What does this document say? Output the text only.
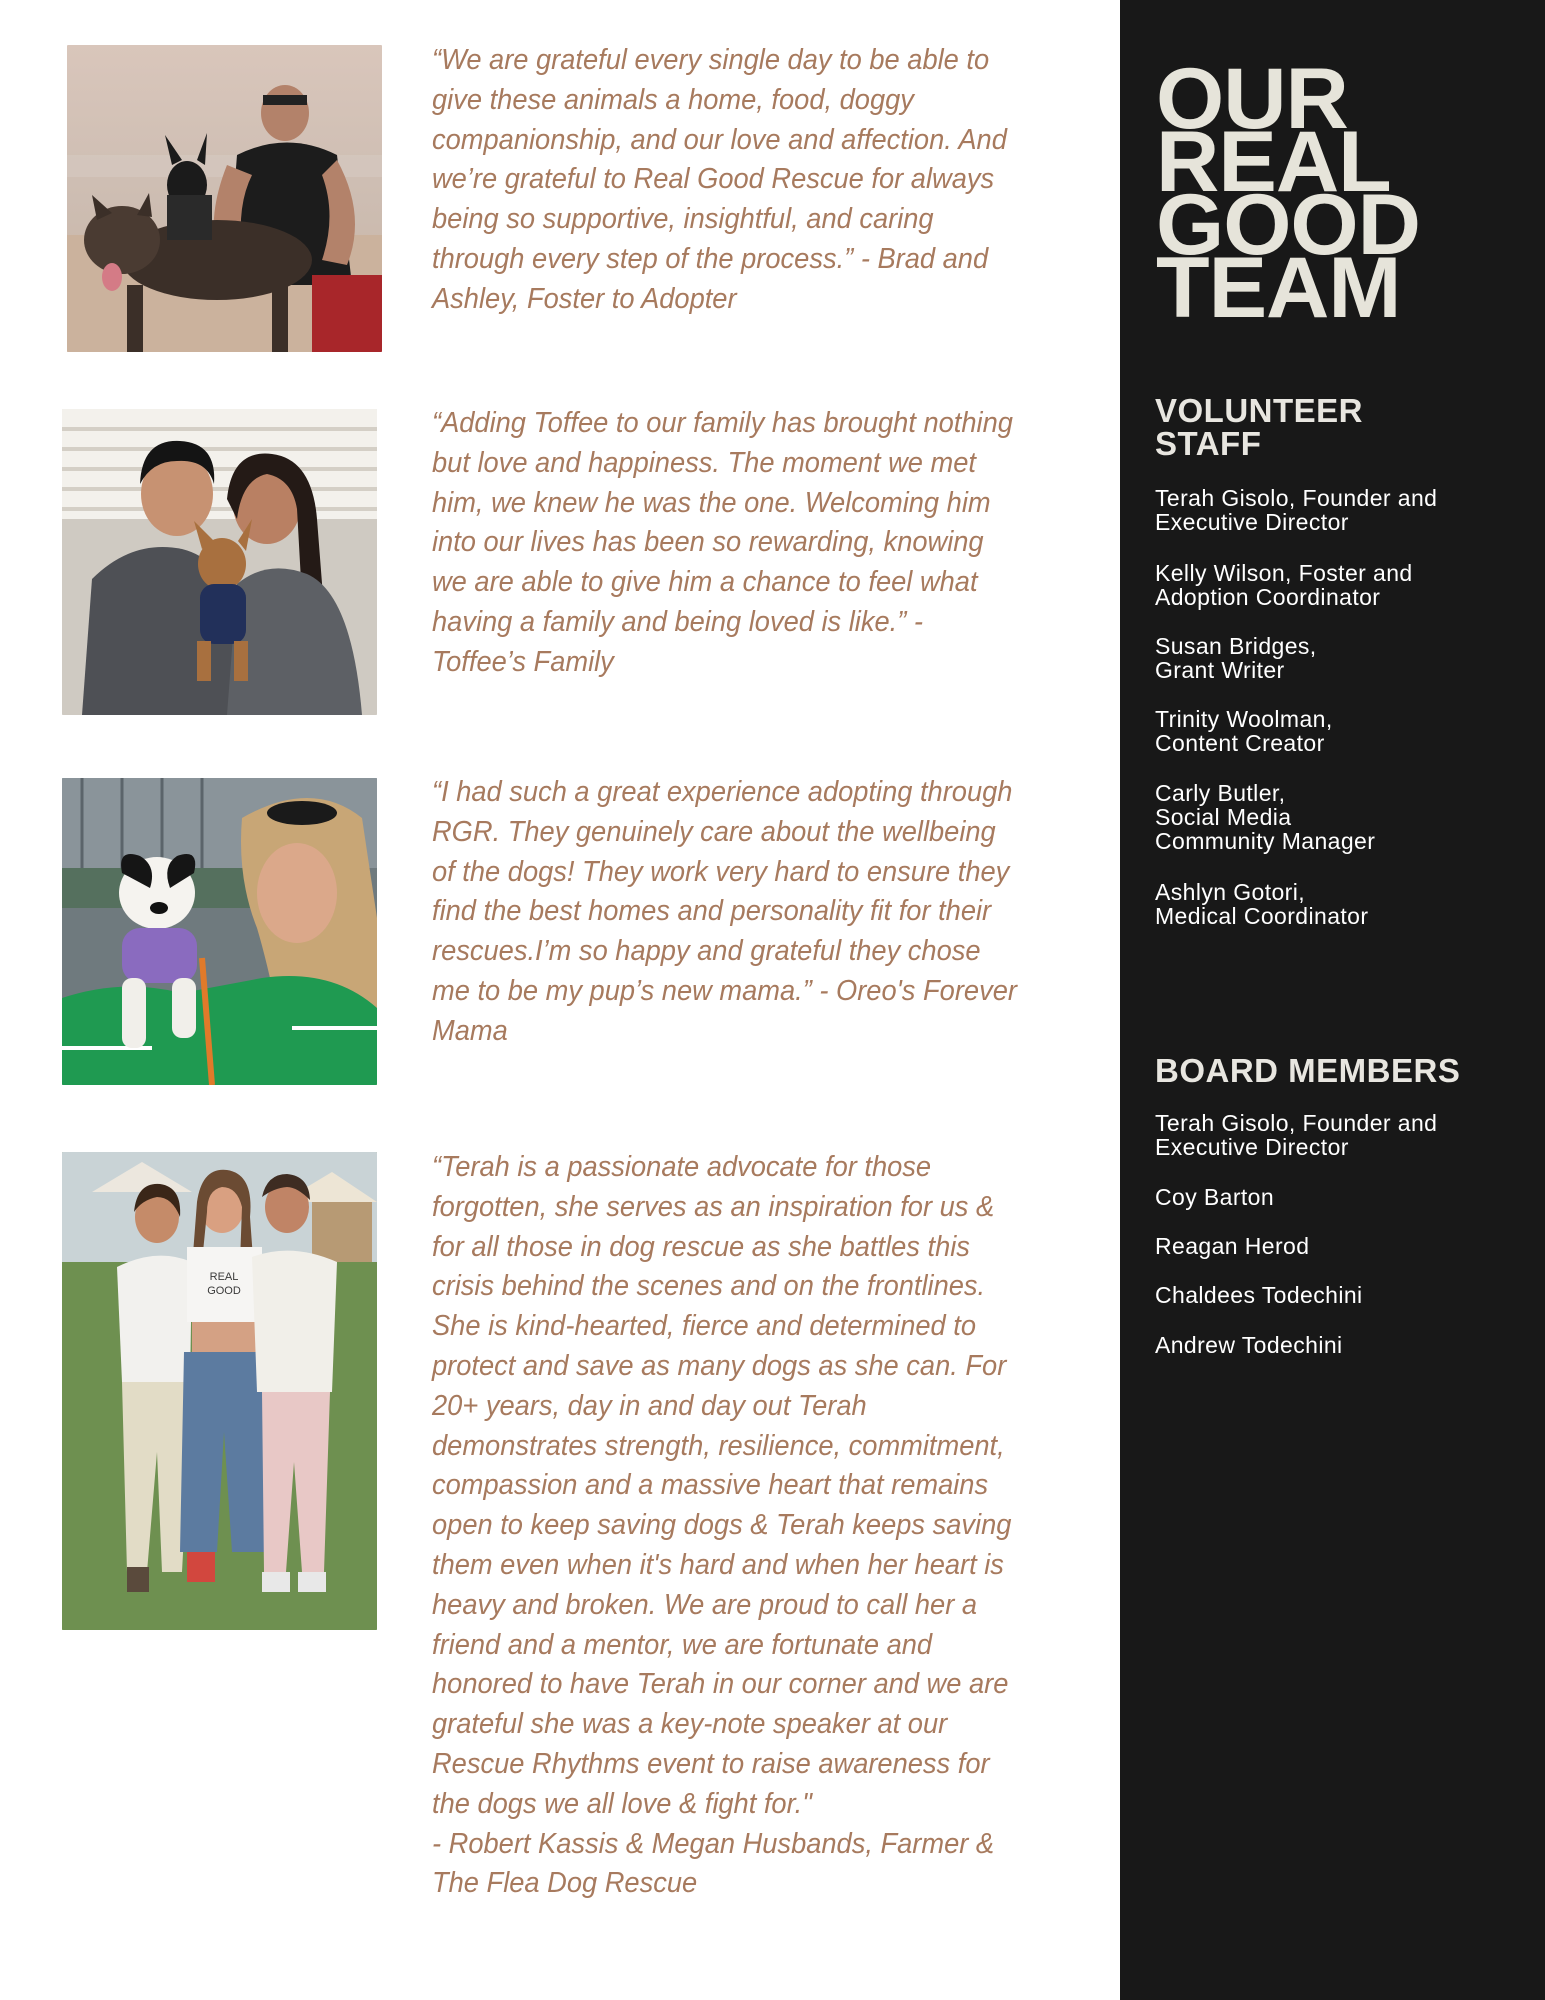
REAL
GOOD

“We are grateful every single day to be able to give these animals a home, food, doggy companionship, and our love and affection. And we’re grateful to Real Good Rescue for always being so supportive, insightful, and caring through every step of the process.” - Brad and Ashley, Foster to Adopter

“Adding Toffee to our family has brought nothing but love and happiness. The moment we met him, we knew he was the one. Welcoming him into our lives has been so rewarding, knowing we are able to give him a chance to feel what having a family and being loved is like.” - Toffee’s Family

“I had such a great experience adopting through RGR. They genuinely care about the wellbeing of the dogs! They work very hard to ensure they find the best homes and personality fit for their rescues.I’m so happy and grateful they chose me to be my pup’s new mama.” - Oreo's Forever Mama

“Terah is a passionate advocate for those forgotten, she serves as an inspiration for us & for all those in dog rescue as she battles this crisis behind the scenes and on the frontlines. She is kind-hearted, fierce and determined to protect and save as many dogs as she can. For 20+ years, day in and day out Terah demonstrates strength, resilience, commitment, compassion and a massive heart that remains open to keep saving dogs & Terah keeps saving them even when it's hard and when her heart is heavy and broken. We are proud to call her a friend and a mentor, we are fortunate and honored to have Terah in our corner and we are grateful she was a key-note speaker at our Rescue Rhythms event to raise awareness for the dogs we all love & fight for."
- Robert Kassis & Megan Husbands, Farmer & The Flea Dog Rescue

OUR
REAL
GOOD
TEAM
VOLUNTEER
STAFF

Terah Gisolo, Founder and
Executive Director

Kelly Wilson, Foster and
Adoption Coordinator

Susan Bridges,
Grant Writer

Trinity Woolman,
Content Creator

Carly Butler,
Social Media
Community Manager

Ashlyn Gotori,
Medical Coordinator

BOARD MEMBERS

Terah Gisolo, Founder and
Executive Director

Coy Barton

Reagan Herod

Chaldees Todechini

Andrew Todechini
